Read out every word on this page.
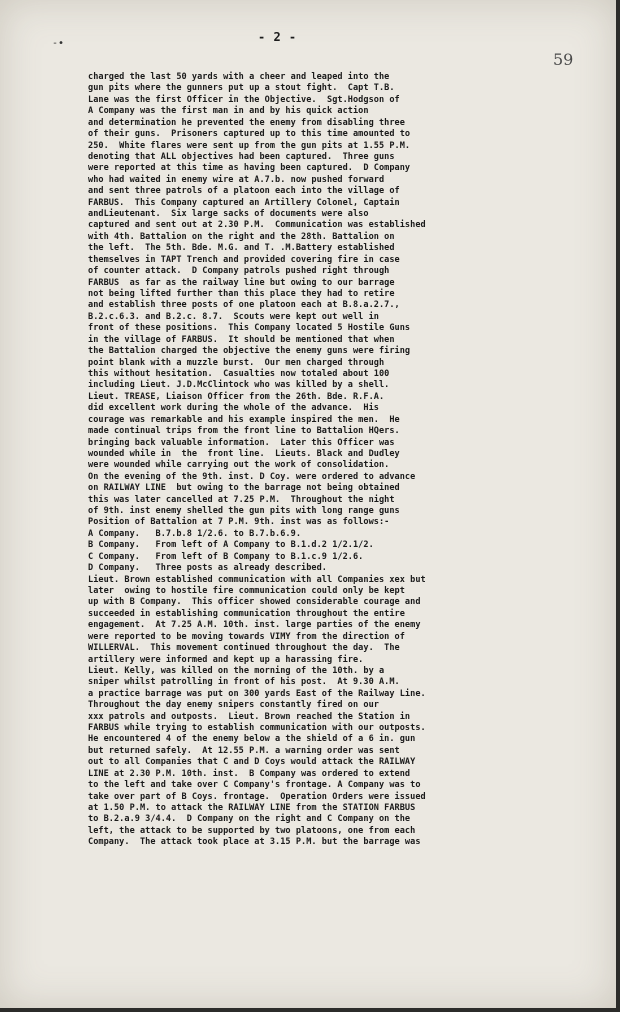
-•	- 2 -
59
charged the last 50 yards with a cheer and leaped into the
gun pits where the gunners put up a stout fight.  Capt T.B.
Lane was the first Officer in the Objective.  Sgt.Hodgson of
A Company was the first man in and by his quick action
and determination he prevented the enemy from disabling three
of their guns.  Prisoners captured up to this time amounted to
250.  White flares were sent up from the gun pits at 1.55 P.M.
denoting that ALL objectives had been captured.  Three guns
were reported at this time as having been captured.  D Company
who had waited in enemy wire at A.7.b. now pushed forward
and sent three patrols of a platoon each into the village of
FARBUS.  This Company captured an Artillery Colonel, Captain
andLieutenant.  Six large sacks of documents were also
captured and sent out at 2.30 P.M.  Communication was established
with 4th. Battalion on the right and the 28th. Battalion on
the left.  The 5th. Bde. M.G. and T. .M.Battery established
themselves in TAPT Trench and provided covering fire in case
of counter attack.  D Company patrols pushed right through
FARBUS  as far as the railway line but owing to our barrage
not being lifted further than this place they had to retire
and establish three posts of one platoon each at B.8.a.2.7.,
B.2.c.6.3. and B.2.c. 8.7.  Scouts were kept out well in
front of these positions.  This Company located 5 Hostile Guns
in the village of FARBUS.  It should be mentioned that when
the Battalion charged the objective the enemy guns were firing
point blank with a muzzle burst.  Our men charged through
this without hesitation.  Casualties now totaled about 100
including Lieut. J.D.McClintock who was killed by a shell.
Lieut. TREASE, Liaison Officer from the 26th. Bde. R.F.A.
did excellent work during the whole of the advance.  His
courage was remarkable and his example inspired the men.  He
made continual trips from the front line to Battalion HQers.
bringing back valuable information.  Later this Officer was
wounded while in  the  front line.  Lieuts. Black and Dudley
were wounded while carrying out the work of consolidation.
On the evening of the 9th. inst. D Coy. were ordered to advance
on RAILWAY LINE  but owing to the barrage not being obtained
this was later cancelled at 7.25 P.M.  Throughout the night
of 9th. inst enemy shelled the gun pits with long range guns
Position of Battalion at 7 P.M. 9th. inst was as follows:-
A Company.   B.7.b.8 1/2.6. to B.7.b.6.9.
B Company.   From left of A Company to B.1.d.2 1/2.1/2.
C Company.   From left of B Company to B.1.c.9 1/2.6.
D Company.   Three posts as already described.
Lieut. Brown established communication with all Companies xex but
later  owing to hostile fire communication could only be kept
up with B Company.  This officer showed considerable courage and
succeeded in establishing communication throughout the entire
engagement.  At 7.25 A.M. 10th. inst. large parties of the enemy
were reported to be moving towards VIMY from the direction of
WILLERVAL.  This movement continued throughout the day.  The
artillery were informed and kept up a harassing fire.
Lieut. Kelly, was killed on the morning of the 10th. by a
sniper whilst patrolling in front of his post.  At 9.30 A.M.
a practice barrage was put on 300 yards East of the Railway Line.
Throughout the day enemy snipers constantly fired on our
xxx patrols and outposts.  Lieut. Brown reached the Station in
FARBUS while trying to establish communication with our outposts.
He encountered 4 of the enemy below a the shield of a 6 in. gun
but returned safely.  At 12.55 P.M. a warning order was sent
out to all Companies that C and D Coys would attack the RAILWAY
LINE at 2.30 P.M. 10th. inst.  B Company was ordered to extend
to the left and take over C Company's frontage. A Company was to
take over part of B Coys. frontage.  Operation Orders were issued
at 1.50 P.M. to attack the RAILWAY LINE from the STATION FARBUS
to B.2.a.9 3/4.4.  D Company on the right and C Company on the
left, the attack to be supported by two platoons, one from each
Company.  The attack took place at 3.15 P.M. but the barrage was
